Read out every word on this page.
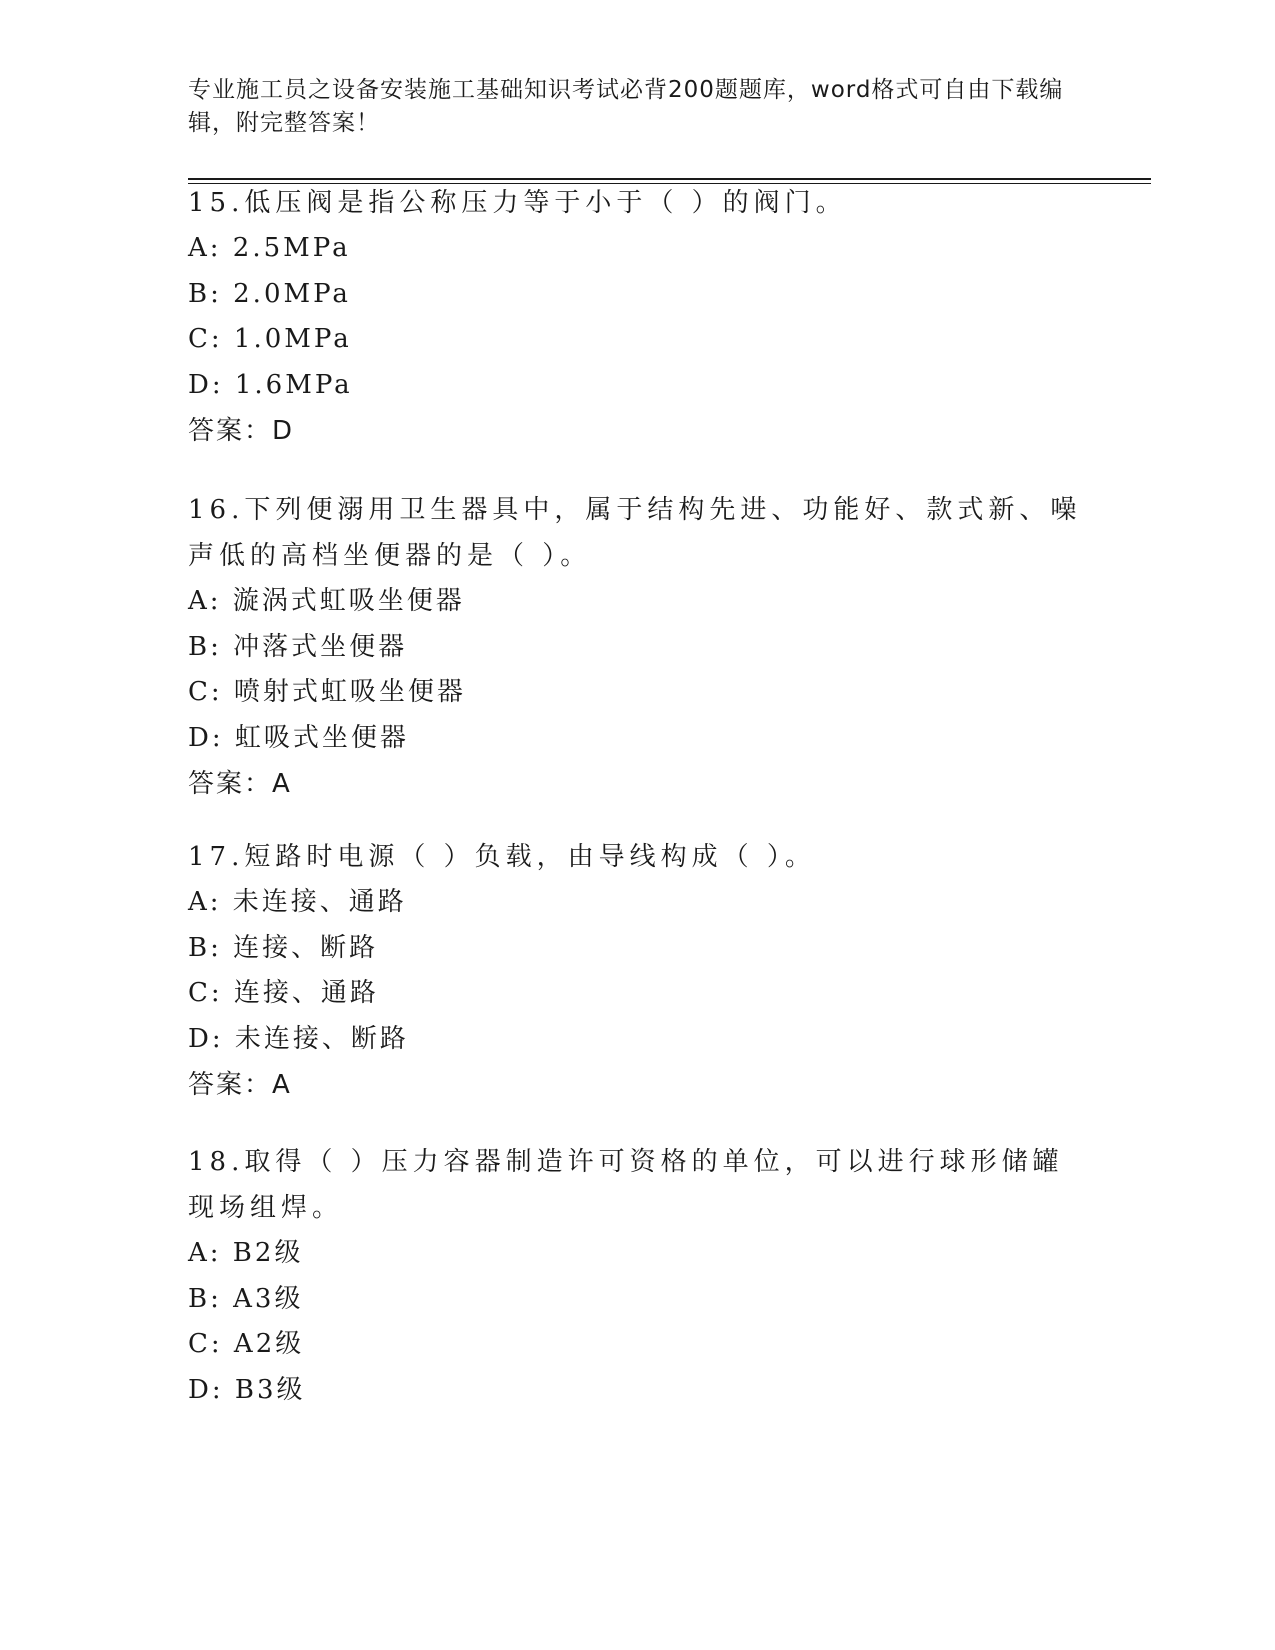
专业施工员之设备安装施工基础知识考试必背200题题库，word格式可自由下载编辑，附完整答案！
15.低压阀是指公称压力等于小于（ ）的阀门。
A: 2.5MPa
B: 2.0MPa
C: 1.0MPa
D: 1.6MPa
答案：D
16.下列便溺用卫生器具中，属于结构先进、功能好、款式新、噪声低的高档坐便器的是（ ）。
A: 漩涡式虹吸坐便器
B: 冲落式坐便器
C: 喷射式虹吸坐便器
D: 虹吸式坐便器
答案：A
17.短路时电源（ ）负载，由导线构成（ ）。
A: 未连接、通路
B: 连接、断路
C: 连接、通路
D: 未连接、断路
答案：A
18.取得（ ）压力容器制造许可资格的单位，可以进行球形储罐现场组焊。
A: B2级
B: A3级
C: A2级
D: B3级
